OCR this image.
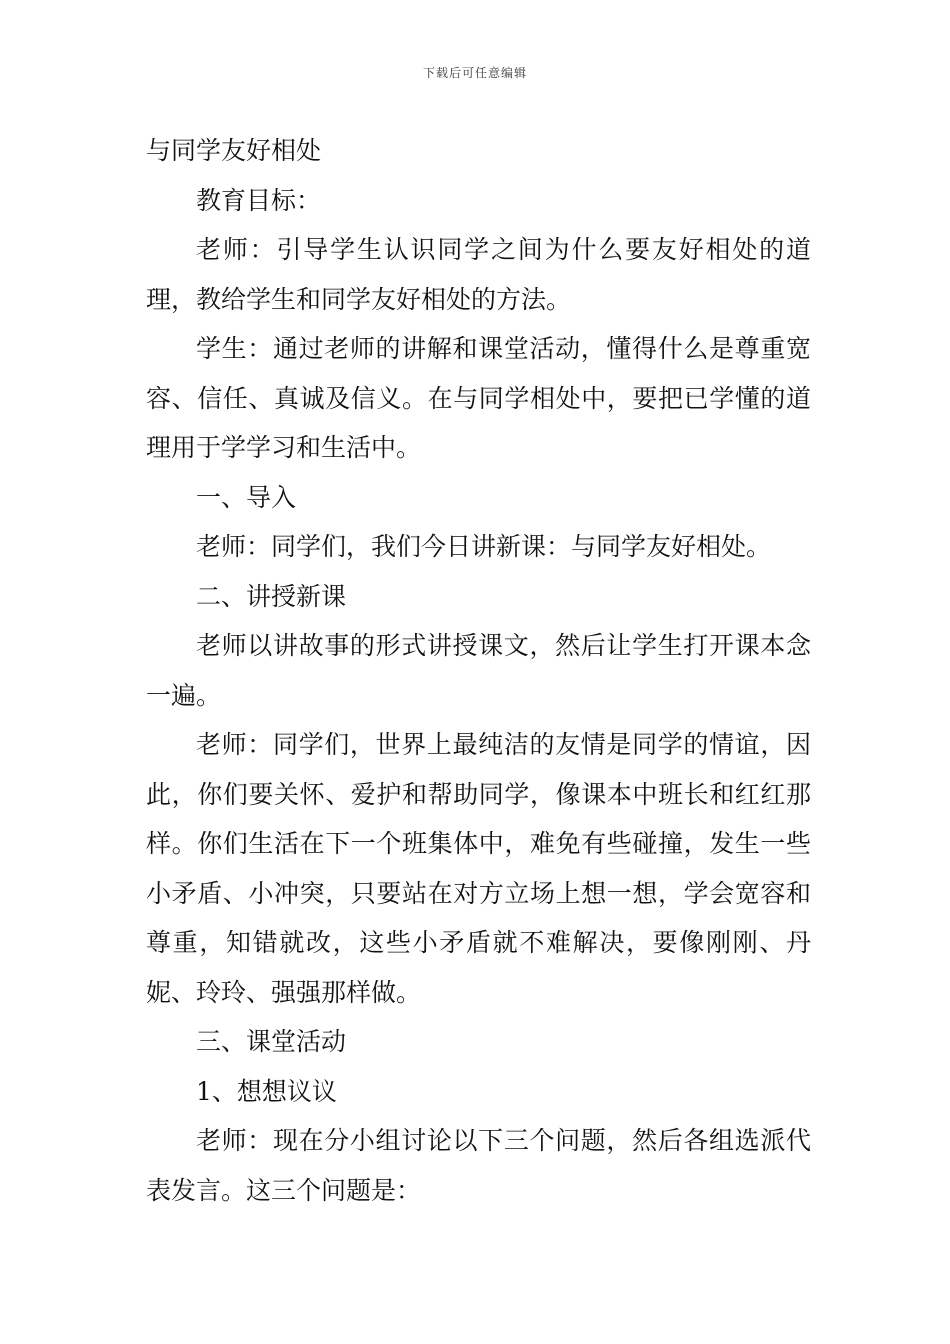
下载后可任意编辑

与同学友好相处

教育目标：

老师：引导学生认识同学之间为什么要友好相处的道理，教给学生和同学友好相处的方法。

学生：通过老师的讲解和课堂活动，懂得什么是尊重宽容、信任、真诚及信义。在与同学相处中，要把已学懂的道理用于学学习和生活中。

一、导入

老师：同学们，我们今日讲新课：与同学友好相处。

二、讲授新课

老师以讲故事的形式讲授课文，然后让学生打开课本念一遍。

老师：同学们，世界上最纯洁的友情是同学的情谊，因此，你们要关怀、爱护和帮助同学，像课本中班长和红红那样。你们生活在下一个班集体中，难免有些碰撞，发生一些小矛盾、小冲突，只要站在对方立场上想一想，学会宽容和尊重，知错就改，这些小矛盾就不难解决，要像刚刚、丹妮、玲玲、强强那样做。

三、课堂活动

1、想想议议

老师：现在分小组讨论以下三个问题，然后各组选派代表发言。这三个问题是：
